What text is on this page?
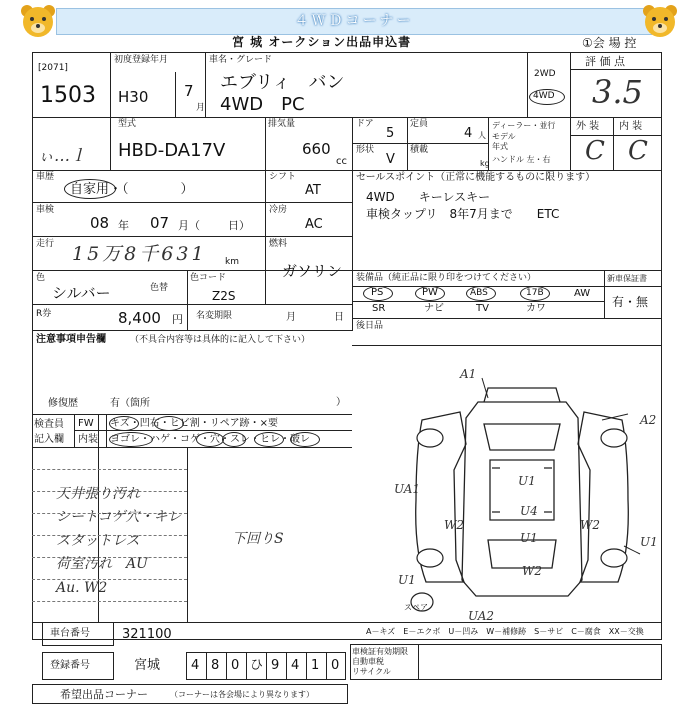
４ＷＤコーナー
宮 城 オークション出品申込書	①会 場 控
[2071]
1503
初度登録年月
H30 7
月
車名・グレード
エブリィ　バン
4WD　PC
2WD
4WD
評 価 点
3.5
型式
HBD-DA17V
ぃ…ｌ
排気量
660
cc
ドア
5
形状
V
定員
4 人
積載
kg
ディーラー・並行
モデル
年式
ハンドル 左・右
外 装 内 装
C C
車歴
自家用・（　　　　）
シフト
AT
セールスポイント（正常に機能するものに限ります）
4WD　　キーレスキー
車検タップリ　8年7月まで　　ETC
車検
08 年 07 月（	日）
冷房
AC
走行 15万8千631 km
燃料
ガソリン
色
シルバー	色替
色コード
Z2S
装備品（純正品に限り印をつけてください）	新車保証書
PS	PW	ABS	17B	AW
SR	ナビ	TV	カワ	有・無
R券	8,400 円 名変期限	月	日
後日品
注意事項申告欄	（不具合内容等は具体的に記入して下さい）
修復歴	有（箇所	）
検査員
記入欄
FW
内装
キズ・凹右・ヒビ割・リペア跡・×要
ヨゴレ・ハゲ・コゲ・穴・スレ・ヒレ・破レ
天井張り汚れ
シートコゲ穴・キレ
スタットレス
荷室汚れ　AU
Au. W2
下回りS
A1
A2
UA1
U1
U4
U1
W2	W2
W2
U1
U1
スペア
UA2
A－キズ　E－エクボ　U－凹み　W－補修跡　S－サビ　C－腐食　XX－交換
車台番号 321100
登録番号	宮城 4 8 0 ひ 9 4 1 0
車検証有効期限
自動車税
リサイクル
希望出品コーナー	（コーナーは各会場により異なります）
